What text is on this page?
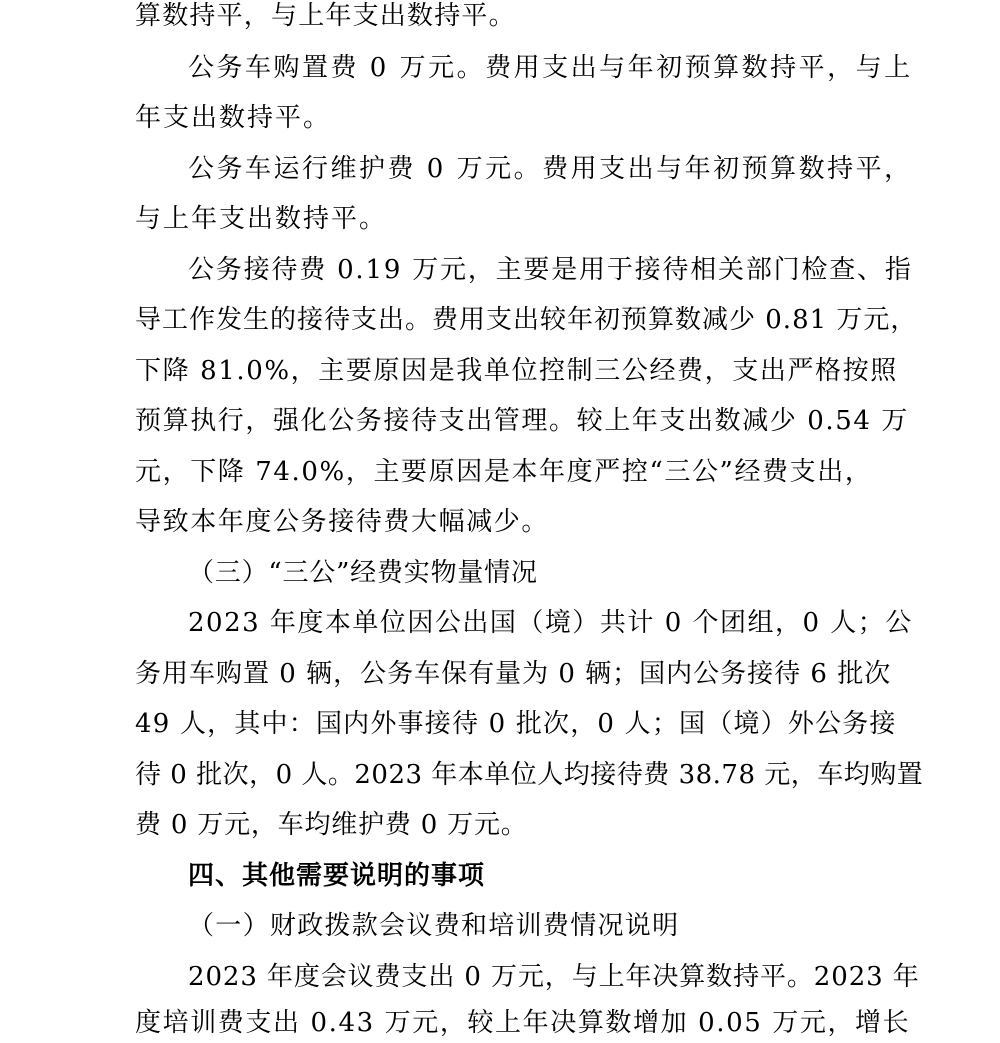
算数持平，与上年支出数持平。
公务车购置费 0 万元。费用支出与年初预算数持平，与上
年支出数持平。
公务车运行维护费 0 万元。费用支出与年初预算数持平，
与上年支出数持平。
公务接待费 0.19 万元，主要是用于接待相关部门检查、指
导工作发生的接待支出。费用支出较年初预算数减少 0.81 万元，
下降 81.0%，主要原因是我单位控制三公经费，支出严格按照
预算执行，强化公务接待支出管理。较上年支出数减少 0.54 万
元，下降 74.0%，主要原因是本年度严控“三公”经费支出，
导致本年度公务接待费大幅减少。
（三）“三公”经费实物量情况
2023 年度本单位因公出国（境）共计 0 个团组，0 人；公
务用车购置 0 辆，公务车保有量为 0 辆；国内公务接待 6 批次
49 人，其中：国内外事接待 0 批次，0 人；国（境）外公务接
待 0 批次，0 人。2023 年本单位人均接待费 38.78 元，车均购置
费 0 万元，车均维护费 0 万元。
四、其他需要说明的事项
（一）财政拨款会议费和培训费情况说明
2023 年度会议费支出 0 万元，与上年决算数持平。2023 年
度培训费支出 0.43 万元，较上年决算数增加 0.05 万元，增长
